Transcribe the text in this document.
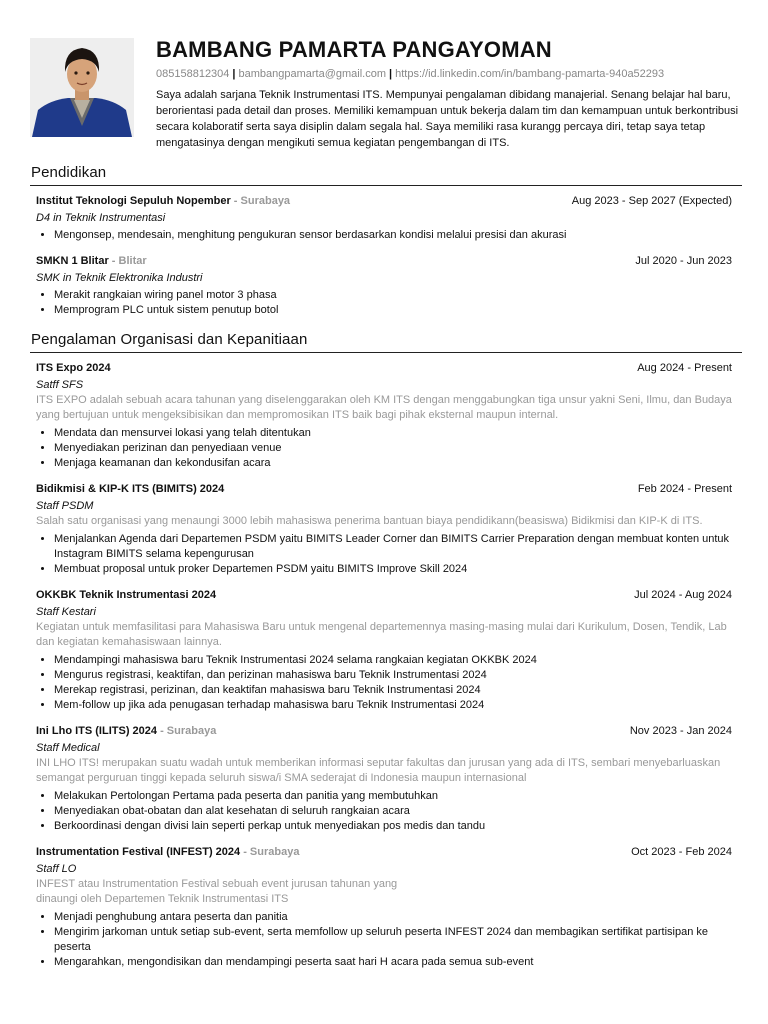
BAMBANG PAMARTA PANGAYOMAN
085158812304 | bambangpamarta@gmail.com | https://id.linkedin.com/in/bambang-pamarta-940a52293
Saya adalah sarjana Teknik Instrumentasi ITS. Mempunyai pengalaman dibidang manajerial. Senang belajar hal baru, berorientasi pada detail dan proses. Memiliki kemampuan untuk bekerja dalam tim dan kemampuan untuk berkontribusi secara kolaboratif serta saya disiplin dalam segala hal. Saya memiliki rasa kurangg percaya diri, tetap saya tetap mengatasinya dengan mengikuti semua kegiatan pengembangan di ITS.
Pendidikan
Institut Teknologi Sepuluh Nopember - Surabaya	Aug 2023 - Sep 2027 (Expected)
D4 in Teknik Instrumentasi
• Mengonsep, mendesain, menghitung pengukuran sensor berdasarkan kondisi melalui presisi dan akurasi
SMKN 1 Blitar - Blitar	Jul 2020 - Jun 2023
SMK in Teknik Elektronika Industri
• Merakit rangkaian wiring panel motor 3 phasa
• Memprogram PLC untuk sistem penutup botol
Pengalaman Organisasi dan Kepanitiaan
ITS Expo 2024	Aug 2024 - Present
Satff SFS
ITS EXPO adalah sebuah acara tahunan yang diseIenggarakan oleh KM ITS dengan menggabungkan tiga unsur yakni Seni, Ilmu, dan Budaya yang bertujuan untuk mengeksibisikan dan mempromosikan ITS baik bagi pihak eksternal maupun internal.
• Mendata dan mensurvei lokasi yang telah ditentukan
• Menyediakan perizinan dan penyediaan venue
• Menjaga keamanan dan kekondusifan acara
Bidikmisi & KIP-K ITS (BIMITS) 2024	Feb 2024 - Present
Staff PSDM
Salah satu organisasi yang menaungi 3000 lebih mahasiswa penerima bantuan biaya pendidikann(beasiswa) Bidikmisi dan KIP-K di ITS.
• Menjalankan Agenda dari Departemen PSDM yaitu BIMITS Leader Corner dan BIMITS Carrier Preparation dengan membuat konten untuk Instagram BIMITS selama kepengurusan
• Membuat proposal untuk proker Departemen PSDM yaitu BIMITS Improve Skill 2024
OKKBK Teknik Instrumentasi 2024	Jul 2024 - Aug 2024
Staff Kestari
Kegiatan untuk memfasilitasi para Mahasiswa Baru untuk mengenal departemennya masing-masing mulai dari Kurikulum, Dosen, Tendik, Lab dan kegiatan kemahasiswaan lainnya.
• Mendampingi mahasiswa baru Teknik Instrumentasi 2024 selama rangkaian kegiatan OKKBK 2024
• Mengurus registrasi, keaktifan, dan perizinan mahasiswa baru Teknik Instrumentasi 2024
• Merekap registrasi, perizinan, dan keaktifan mahasiswa baru Teknik Instrumentasi 2024
• Mem-follow up jika ada penugasan terhadap mahasiswa baru Teknik Instrumentasi 2024
Ini Lho ITS (ILITS) 2024 - Surabaya	Nov 2023 - Jan 2024
Staff Medical
INI LHO ITS! merupakan suatu wadah untuk memberikan informasi seputar fakultas dan jurusan yang ada di ITS, sembari menyebarluaskan semangat perguruan tinggi kepada seluruh siswa/i SMA sederajat di Indonesia maupun internasional
• Melakukan Pertolongan Pertama pada peserta dan panitia yang membutuhkan
• Menyediakan obat-obatan dan alat kesehatan di seluruh rangkaian acara
• Berkoordinasi dengan divisi lain seperti perkap untuk menyediakan pos medis dan tandu
Instrumentation Festival (INFEST) 2024 - Surabaya	Oct 2023 - Feb 2024
Staff LO
INFEST atau Instrumentation Festival sebuah event jurusan tahunan yang
dinaungi oleh Departemen Teknik Instrumentasi ITS
• Menjadi penghubung antara peserta dan panitia
• Mengirim jarkoman untuk setiap sub-event, serta memfollow up seluruh peserta INFEST 2024 dan membagikan sertifikat partisipan ke peserta
• Mengarahkan, mengondisikan dan mendampingi peserta saat hari H acara pada semua sub-event
